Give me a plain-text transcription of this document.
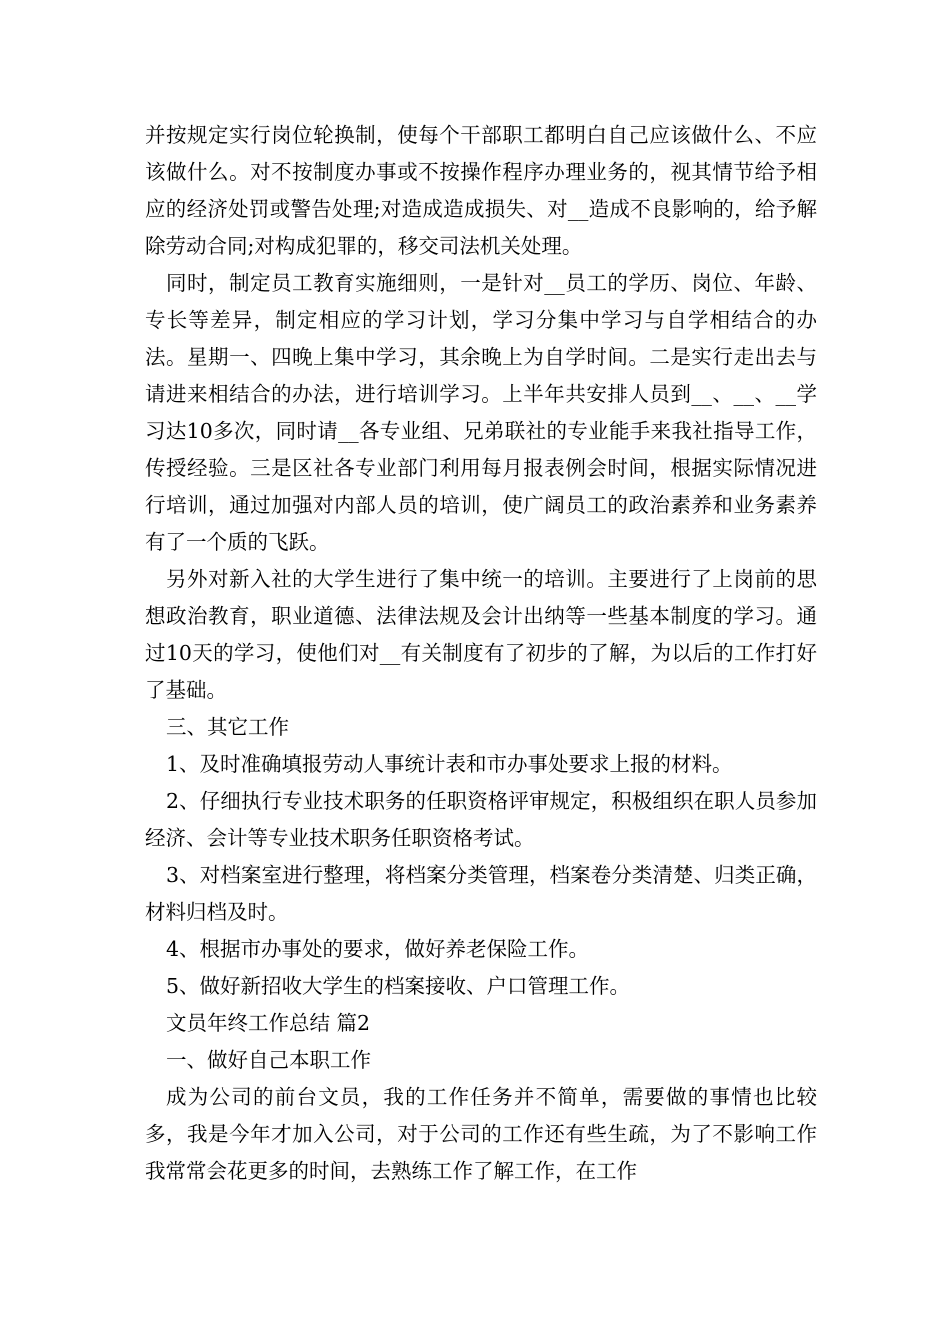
并按规定实行岗位轮换制，使每个干部职工都明白自己应该做什么、不应该做什么。对不按制度办事或不按操作程序办理业务的，视其情节给予相应的经济处罚或警告处理;对造成造成损失、对__造成不良影响的，给予解除劳动合同;对构成犯罪的，移交司法机关处理。

同时，制定员工教育实施细则，一是针对__员工的学历、岗位、年龄、专长等差异，制定相应的学习计划，学习分集中学习与自学相结合的办法。星期一、四晚上集中学习，其余晚上为自学时间。二是实行走出去与请进来相结合的办法，进行培训学习。上半年共安排人员到__、__、__学习达10多次，同时请__各专业组、兄弟联社的专业能手来我社指导工作，传授经验。三是区社各专业部门利用每月报表例会时间，根据实际情况进行培训，通过加强对内部人员的培训，使广阔员工的政治素养和业务素养有了一个质的飞跃。

另外对新入社的大学生进行了集中统一的培训。主要进行了上岗前的思想政治教育，职业道德、法律法规及会计出纳等一些基本制度的学习。通过10天的学习，使他们对__有关制度有了初步的了解，为以后的工作打好了基础。

三、其它工作

1、及时准确填报劳动人事统计表和市办事处要求上报的材料。

2、仔细执行专业技术职务的任职资格评审规定，积极组织在职人员参加经济、会计等专业技术职务任职资格考试。

3、对档案室进行整理，将档案分类管理，档案卷分类清楚、归类正确，材料归档及时。

4、根据市办事处的要求，做好养老保险工作。

5、做好新招收大学生的档案接收、户口管理工作。

文员年终工作总结 篇2

一、做好自己本职工作

成为公司的前台文员，我的工作任务并不简单，需要做的事情也比较多，我是今年才加入公司，对于公司的工作还有些生疏，为了不影响工作我常常会花更多的时间，去熟练工作了解工作，在工作
